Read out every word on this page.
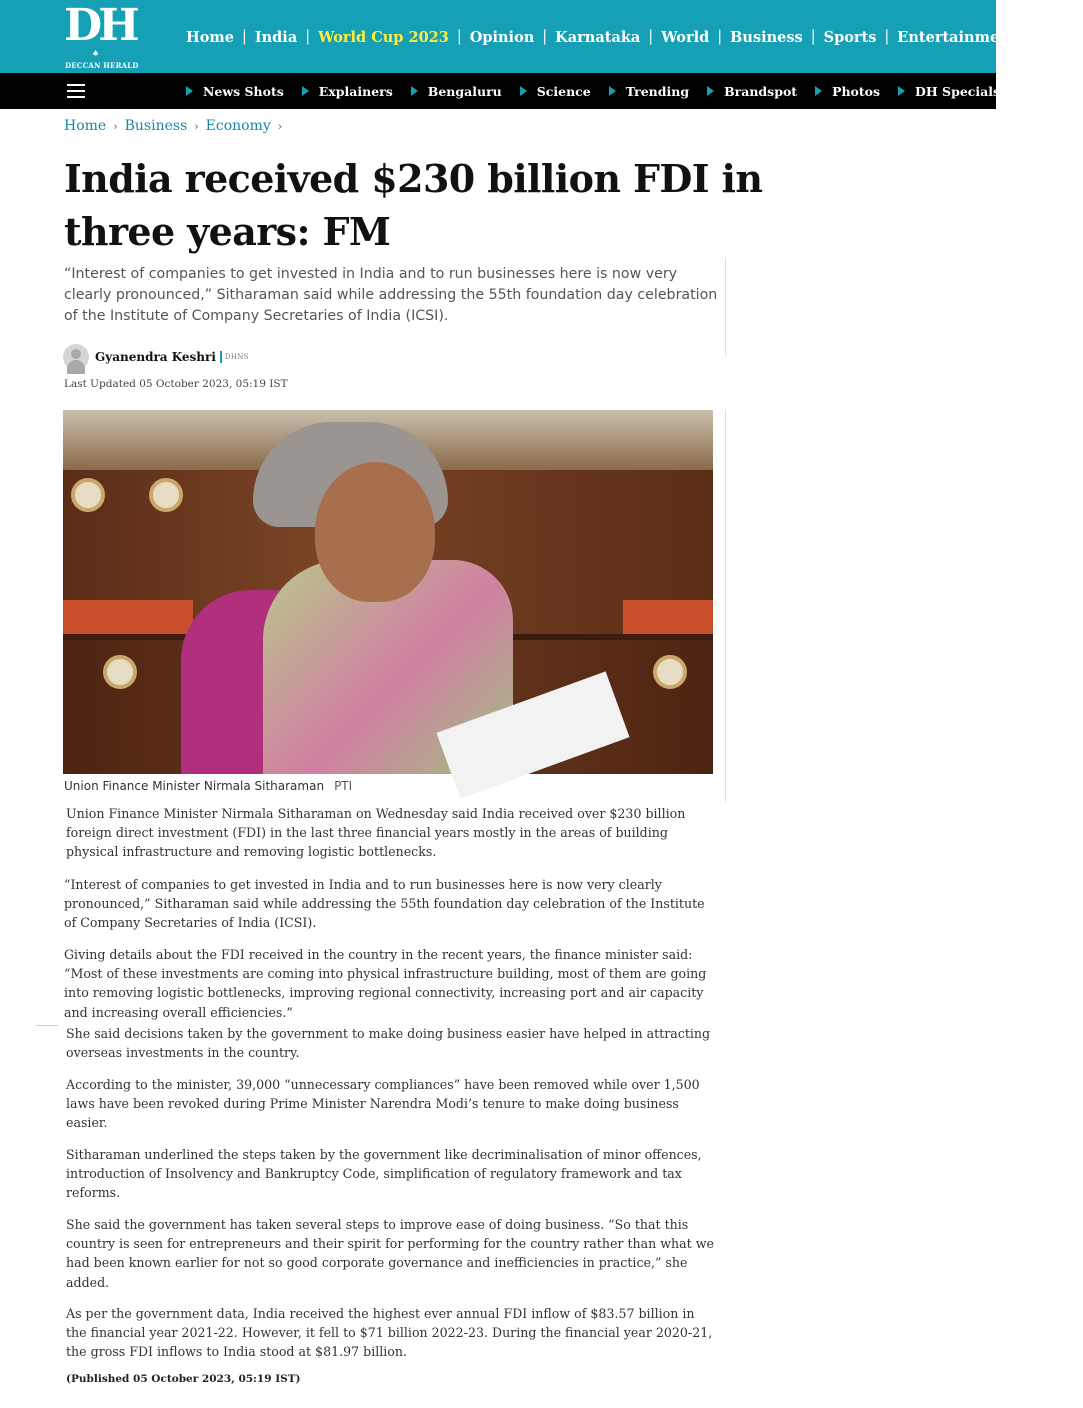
DH
♠
DECCAN HERALD
Home | India | World Cup 2023 | Opinion | Karnataka | World | Business | Sports | Entertainment | Video
News Shots	Explainers	Bengaluru	Science	Trending	Brandspot	Photos	DH Specials
Home › Business › Economy ›
India received $230 billion FDI in three years: FM

“Interest of companies to get invested in India and to run businesses here is now very clearly pronounced,” Sitharaman said while addressing the 55th foundation day celebration of the Institute of Company Secretaries of India (ICSI).

Gyanendra Keshri DHNS
Last Updated 05 October 2023, 05:19 IST
Union Finance Minister Nirmala Sitharaman PTI

Union Finance Minister Nirmala Sitharaman on Wednesday said India received over $230 billion foreign direct investment (FDI) in the last three financial years mostly in the areas of building physical infrastructure and removing logistic bottlenecks.

“Interest of companies to get invested in India and to run businesses here is now very clearly pronounced,” Sitharaman said while addressing the 55th foundation day celebration of the Institute of Company Secretaries of India (ICSI).

Giving details about the FDI received in the country in the recent years, the finance minister said: “Most of these investments are coming into physical infrastructure building, most of them are going into removing logistic bottlenecks, improving regional connectivity, increasing port and air capacity and increasing overall efficiencies.”

She said decisions taken by the government to make doing business easier have helped in attracting overseas investments in the country.

According to the minister, 39,000 “unnecessary compliances” have been removed while over 1,500 laws have been revoked during Prime Minister Narendra Modi’s tenure to make doing business easier.

Sitharaman underlined the steps taken by the government like decriminalisation of minor offences, introduction of Insolvency and Bankruptcy Code, simplification of regulatory framework and tax reforms.

She said the government has taken several steps to improve ease of doing business. “So that this country is seen for entrepreneurs and their spirit for performing for the country rather than what we had been known earlier for not so good corporate governance and inefficiencies in practice,” she added.

As per the government data, India received the highest ever annual FDI inflow of $83.57 billion in the financial year 2021-22. However, it fell to $71 billion 2022-23. During the financial year 2020-21, the gross FDI inflows to India stood at $81.97 billion.

(Published 05 October 2023, 05:19 IST)
